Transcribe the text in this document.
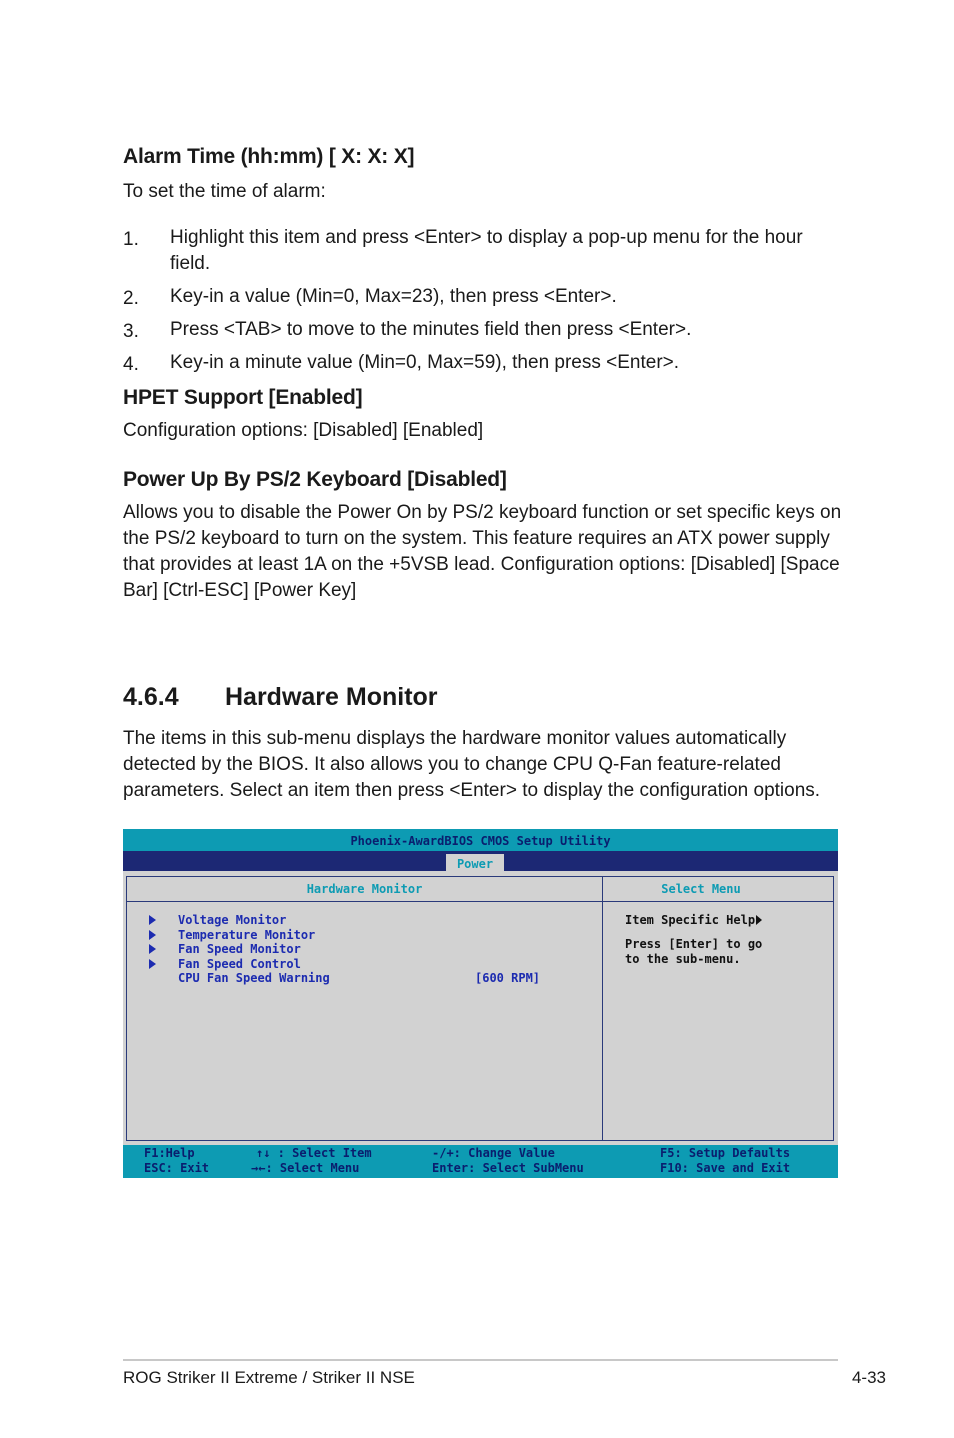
Alarm Time (hh:mm) [ X: X: X]
To set the time of alarm:
1. Highlight this item and press <Enter> to display a pop-up menu for the hour field.
2. Key-in a value (Min=0, Max=23), then press <Enter>.
3. Press <TAB> to move to the minutes field then press <Enter>.
4. Key-in a minute value (Min=0, Max=59), then press <Enter>.
HPET Support [Enabled]
Configuration options: [Disabled] [Enabled]
Power Up By PS/2 Keyboard [Disabled]
Allows you to disable the Power On by PS/2 keyboard function or set specific keys on the PS/2 keyboard to turn on the system. This feature requires an ATX power supply that provides at least 1A on the +5VSB lead. Configuration options: [Disabled] [Space Bar] [Ctrl-ESC] [Power Key]
4.6.4 Hardware Monitor
The items in this sub-menu displays the hardware monitor values automatically detected by the BIOS. It also allows you to change CPU Q-Fan feature-related parameters. Select an item then press <Enter> to display the configuration options.
Phoenix-AwardBIOS CMOS Setup Utility
Power
Hardware Monitor
Voltage Monitor
Temperature Monitor
Fan Speed Monitor
Fan Speed Control
CPU Fan Speed Warning	[600 RPM]
Select Menu
Item Specific Help
Press [Enter] to go
to the sub-menu.
F1:Help
ESC: Exit
↑↓ : Select Item
→←: Select Menu
-/+: Change Value
Enter: Select SubMenu
F5: Setup Defaults
F10: Save and Exit
ROG Striker II Extreme / Striker II NSE	4-33
